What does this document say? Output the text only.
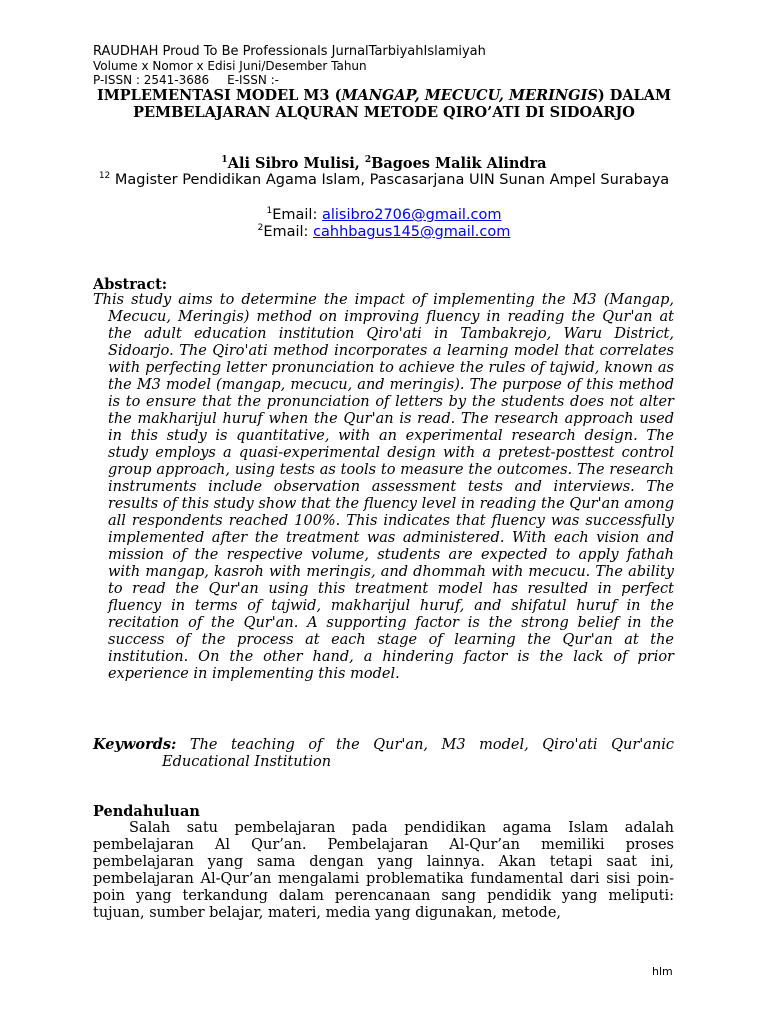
RAUDHAH Proud To Be Professionals JurnalTarbiyahIslamiyah
Volume x Nomor x Edisi Juni/Desember Tahun
P-ISSN : 2541-3686 E-ISSN :-
IMPLEMENTASI MODEL M3 (MANGAP, MECUCU, MERINGIS) DALAM PEMBELAJARAN ALQURAN METODE QIRO’ATI DI SIDOARJO
$^1$Ali Sibro Mulisi, $^2$Bagoes Malik Alindra
$^{12}$ Magister Pendidikan Agama Islam, Pascasarjana UIN Sunan Ampel Surabaya
$^1$Email: alisibro2706@gmail.com
$^2$Email: cahhbagus145@gmail.com
Abstract:
This study aims to determine the impact of implementing the M3 (Mangap, Mecucu, Meringis) method on improving fluency in reading the Qur'an at the adult education institution Qiro'ati in Tambakrejo, Waru District, Sidoarjo. The Qiro'ati method incorporates a learning model that correlates with perfecting letter pronunciation to achieve the rules of tajwid, known as the M3 model (mangap, mecucu, and meringis). The purpose of this method is to ensure that the pronunciation of letters by the students does not alter the makharijul huruf when the Qur'an is read. The research approach used in this study is quantitative, with an experimental research design. The study employs a quasi-experimental design with a pretest-posttest control group approach, using tests as tools to measure the outcomes. The research instruments include observation assessment tests and interviews. The results of this study show that the fluency level in reading the Qur'an among all respondents reached 100%. This indicates that fluency was successfully implemented after the treatment was administered. With each vision and mission of the respective volume, students are expected to apply fathah with mangap, kasroh with meringis, and dhommah with mecucu. The ability to read the Qur'an using this treatment model has resulted in perfect fluency in terms of tajwid, makharijul huruf, and shifatul huruf in the recitation of the Qur'an. A supporting factor is the strong belief in the success of the process at each stage of learning the Qur'an at the institution. On the other hand, a hindering factor is the lack of prior experience in implementing this model.
Keywords: The teaching of the Qur'an, M3 model, Qiro'ati Qur'anic Educational Institution
Pendahuluan
Salah satu pembelajaran pada pendidikan agama Islam adalah pembelajaran Al Qur’an. Pembelajaran Al-Qur’an memiliki proses pembelajaran yang sama dengan yang lainnya. Akan tetapi saat ini, pembelajaran Al-Qur’an mengalami problematika fundamental dari sisi poin-poin yang terkandung dalam perencanaan sang pendidik yang meliputi: tujuan, sumber belajar, materi, media yang digunakan, metode,
hlm
